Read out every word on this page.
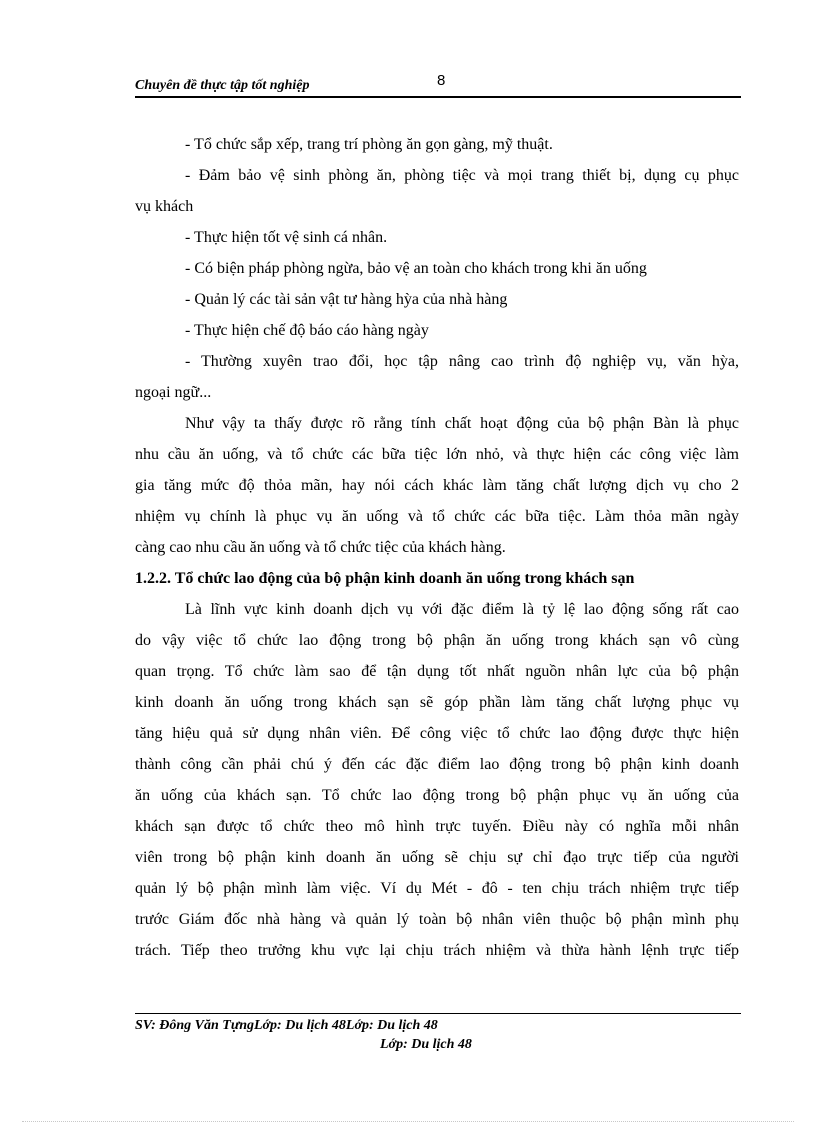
Chuyên đề thực tập tốt nghiệp	8
- Tổ chức sắp xếp, trang trí phòng ăn gọn gàng, mỹ thuật.
- Đảm bảo vệ sinh phòng ăn, phòng tiệc và mọi trang thiết bị, dụng cụ phục
vụ khách
- Thực hiện tốt vệ sinh cá nhân.
- Có biện pháp phòng ngừa, bảo vệ an toàn cho khách trong khi ăn uống
- Quản lý các tài sản vật tư hàng hỳa của nhà hàng
- Thực hiện chế độ báo cáo hàng ngày
- Thường xuyên trao đổi, học tập nâng cao trình độ nghiệp vụ, văn hỳa,
ngoại ngữ...
Như vậy ta thấy được rõ rằng tính chất hoạt động của bộ phận Bàn là phục
nhu cầu ăn uống, và tổ chức các bữa tiệc lớn nhỏ, và thực hiện các công việc làm
gia tăng mức độ thỏa mãn, hay nói cách khác làm tăng chất lượng dịch vụ cho 2
nhiệm vụ chính là phục vụ ăn uống và tổ chức các bữa tiệc. Làm thỏa mãn ngày
càng cao nhu cầu ăn uống và tổ chức tiệc của khách hàng.
1.2.2. Tổ chức lao động của bộ phận kinh doanh ăn uống trong khách sạn
Là lĩnh vực kinh doanh dịch vụ với đặc điểm là tỷ lệ lao động sống rất cao
do vậy việc tổ chức lao động trong bộ phận ăn uống trong khách sạn vô cùng
quan trọng. Tổ chức làm sao để tận dụng tốt nhất nguồn nhân lực của bộ phận
kinh doanh ăn uống trong khách sạn sẽ góp phần làm tăng chất lượng phục vụ
tăng hiệu quả sử dụng nhân viên. Để công việc tổ chức lao động được thực hiện
thành công cần phải chú ý đến các đặc điểm lao động trong bộ phận kinh doanh
ăn uống của khách sạn. Tổ chức lao động trong bộ phận phục vụ ăn uống của
khách sạn được tổ chức theo mô hình trực tuyến. Điều này có nghĩa mỗi nhân
viên trong bộ phận kinh doanh ăn uống sẽ chịu sự chỉ đạo trực tiếp của người
quản lý bộ phận mình làm việc. Ví dụ Mét - đô - ten chịu trách nhiệm trực tiếp
trước Giám đốc nhà hàng và quản lý toàn bộ nhân viên thuộc bộ phận mình phụ
trách. Tiếp theo trưởng khu vực lại chịu trách nhiệm và thừa hành lệnh trực tiếp
SV: Đông Văn TựngLớp: Du lịch 48Lớp: Du lịch 48
Lớp: Du lịch 48
